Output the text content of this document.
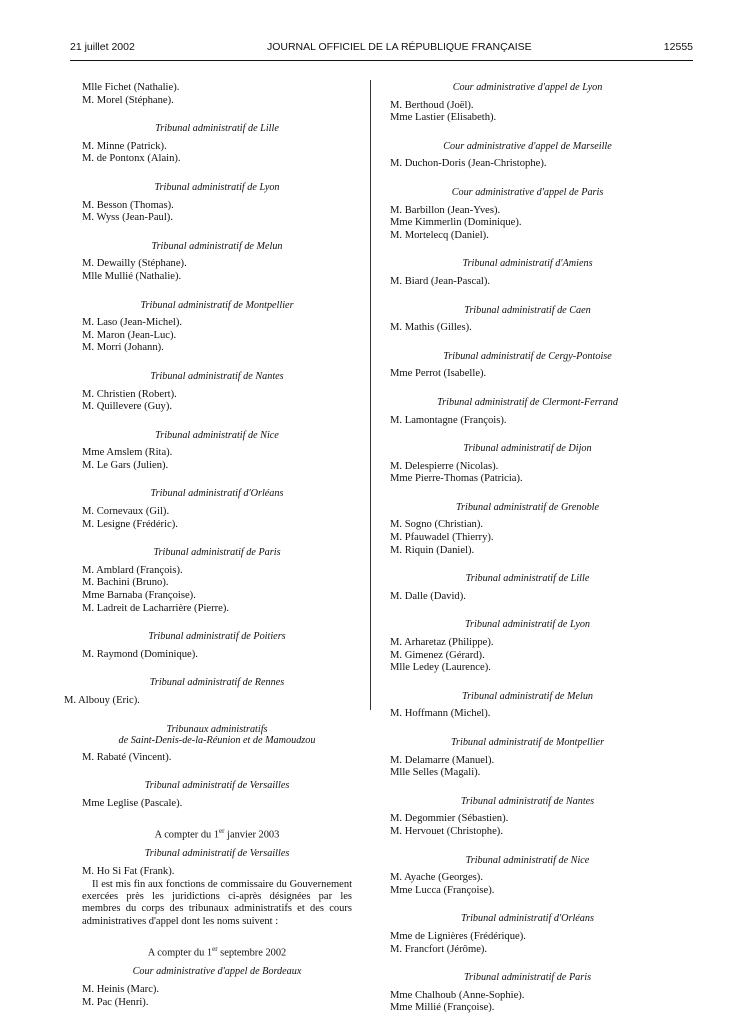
21 juillet 2002	JOURNAL OFFICIEL DE LA RÉPUBLIQUE FRANÇAISE	12555
Mlle Fichet (Nathalie).
M. Morel (Stéphane).
Tribunal administratif de Lille
M. Minne (Patrick).
M. de Pontonx (Alain).
Tribunal administratif de Lyon
M. Besson (Thomas).
M. Wyss (Jean-Paul).
Tribunal administratif de Melun
M. Dewailly (Stéphane).
Mlle Mullié (Nathalie).
Tribunal administratif de Montpellier
M. Laso (Jean-Michel).
M. Maron (Jean-Luc).
M. Morri (Johann).
Tribunal administratif de Nantes
M. Christien (Robert).
M. Quillevere (Guy).
Tribunal administratif de Nice
Mme Amslem (Rita).
M. Le Gars (Julien).
Tribunal administratif d'Orléans
M. Cornevaux (Gil).
M. Lesigne (Frédéric).
Tribunal administratif de Paris
M. Amblard (François).
M. Bachini (Bruno).
Mme Barnaba (Françoise).
M. Ladreit de Lacharrière (Pierre).
Tribunal administratif de Poitiers
M. Raymond (Dominique).
Tribunal administratif de Rennes
M. Albouy (Eric).
Tribunaux administratifs
de Saint-Denis-de-la-Réunion et de Mamoudzou
M. Rabaté (Vincent).
Tribunal administratif de Versailles
Mme Leglise (Pascale).
A compter du 1er janvier 2003
Tribunal administratif de Versailles
M. Ho Si Fat (Frank).

Il est mis fin aux fonctions de commissaire du Gouvernement exercées près les juridictions ci-après désignées par les membres du corps des tribunaux administratifs et des cours administratives d'appel dont les noms suivent :

A compter du 1er septembre 2002
Cour administrative d'appel de Bordeaux
M. Heinis (Marc).
M. Pac (Henri).
Cour administrative d'appel de Lyon
M. Berthoud (Joël).
Mme Lastier (Elisabeth).
Cour administrative d'appel de Marseille
M. Duchon-Doris (Jean-Christophe).
Cour administrative d'appel de Paris
M. Barbillon (Jean-Yves).
Mme Kimmerlin (Dominique).
M. Mortelecq (Daniel).
Tribunal administratif d'Amiens
M. Biard (Jean-Pascal).
Tribunal administratif de Caen
M. Mathis (Gilles).
Tribunal administratif de Cergy-Pontoise
Mme Perrot (Isabelle).
Tribunal administratif de Clermont-Ferrand
M. Lamontagne (François).
Tribunal administratif de Dijon
M. Delespierre (Nicolas).
Mme Pierre-Thomas (Patricia).
Tribunal administratif de Grenoble
M. Sogno (Christian).
M. Pfauwadel (Thierry).
M. Riquin (Daniel).
Tribunal administratif de Lille
M. Dalle (David).
Tribunal administratif de Lyon
M. Arharetaz (Philippe).
M. Gimenez (Gérard).
Mlle Ledey (Laurence).
Tribunal administratif de Melun
M. Hoffmann (Michel).
Tribunal administratif de Montpellier
M. Delamarre (Manuel).
Mlle Selles (Magali).
Tribunal administratif de Nantes
M. Degommier (Sébastien).
M. Hervouet (Christophe).
Tribunal administratif de Nice
M. Ayache (Georges).
Mme Lucca (Françoise).
Tribunal administratif d'Orléans
Mme de Lignières (Frédérique).
M. Francfort (Jérôme).
Tribunal administratif de Paris
Mme Chalhoub (Anne-Sophie).
Mme Millié (Françoise).
